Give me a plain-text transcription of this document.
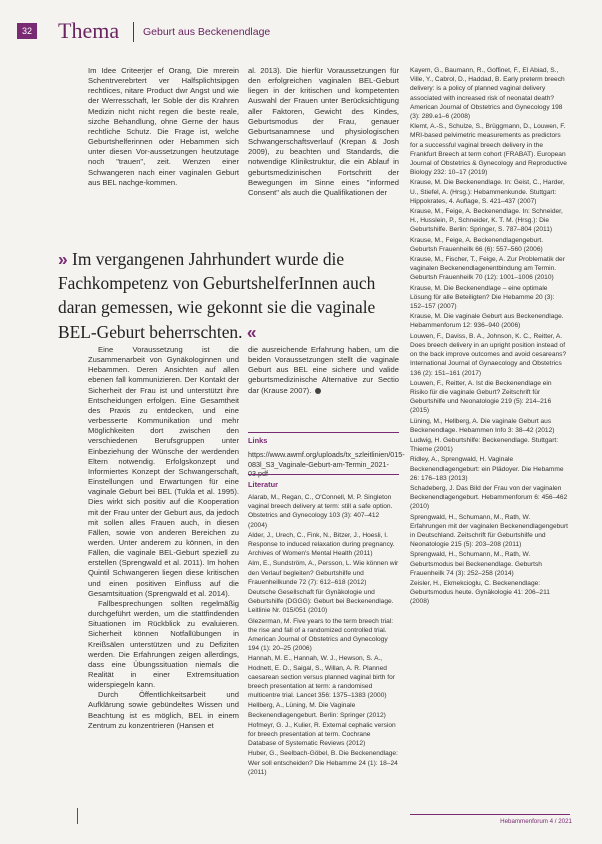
32 Thema Geburt aus Beckenendlage

Im Idee Criteerjer ef Orang, Die mrerein Schentrverebrtert ver Halfsplichtsipgen rechtlices, nitare Product dwr Angst und wie der Werresschaft, ler Soble der dis Krahren Medizin nicht nicht regen die beste reale, sizche Behandlung, ohne Gerne der haus rechtliche Schutz. Die Frage ist, welche Geburtshelferinnen oder Hebammen sich unter diesen Vor-aussetzungen heutzutage noch "trauen", zeit. Wenzen einer Schwangeren nach einer vaginalen Geburt aus BEL nachge-kommen.

al. 2013). Die hierfür Voraussetzungen für den erfolgreichen vaginalen BEL-Geburt liegen in der kritischen und kompetenten Auswahl der Frauen unter Berücksichtigung aller Faktoren, Gewicht des Kindes, Geburtsmodus der Frau, genauer Geburtsanamnese und physiologischen Schwangerschaftsverlauf (Krepan & Josh 2009), zu beachten und Standards, die notwendige Klinikstruktur, die ein Ablauf in geburtsmedizinischen Fortschritt der Bewegungen im Sinne eines "informed Consent" als auch die Qualifikationen der

» Im vergangenen Jahrhundert wurde die Fachkompetenz von GeburtshelferInnen auch daran gemessen, wie gekonnt sie die vaginale BEL-Geburt beherrschten. «

Eine Voraussetzung ist die Zusammenarbeit von Gynäkologinnen und Hebammen. Deren Ansichten auf allen ebenen fall kommunizieren. Der Kontakt der Sicherheit der Frau ist und unterstützt ihre Entscheidungen erfolgen. Eine Gesamtheit des Praxis zu entdecken, und eine verbesserte Kommunikation und mehr Möglichkeiten dort zwischen den verschiedenen Berufsgruppen unter Einbeziehung der Wünsche der werdenden Eltern notwendig. Erfolgskonzept und Informiertes Konzept der Schwangerschaft, Einstellungen und Erwartungen für eine vaginale Geburt bei BEL (Tukla et al. 1995). Dies wirkt sich positiv auf die Kooperation mit der Frau unter der Geburt aus, da jedoch mit sollen alles Frauen auch, in diesen Fällen, sowie von anderen Bereichen zu werden. Unter anderem zu können, in den Fällen, die vaginale BEL-Geburt speziell zu erstellen (Sprengwald et al. 2011). Im hohen Quintil Schwangeren liegen diese kritischen und einen positiven Einfluss auf die Gesamtsituation (Sprengwald et al. 2014).

Fallbesprechungen sollten regelmäßig durchgeführt werden, um die stattfindenden Situationen im Rückblick zu evaluieren. Sicherheit können Notfallübungen in Kreißsälen unterstützen und zu Defiziten werden. Die Erfahrungen zeigen allerdings, dass eine Übungssituation niemals die Realität in einer Extremsituation widerspiegeln kann.

Durch Öffentlichkeitsarbeit und Aufklärung sowie gebündeltes Wissen und Beachtung ist es möglich, BEL in einem Zentrum zu konzentrieren (Hansen et

die ausreichende Erfahrung haben, um die beiden Voraussetzungen stellt die vaginale Geburt aus BEL eine sichere und valide geburtsmedizinische Alternative zur Sectio dar (Krause 2007).

Links
https://www.awmf.org/uploads/tx_szleitlinien/015-083l_S3_Vaginale-Geburt-am-Termin_2021-
Literatur
Alarab, M., Regan, C., O'Connell, M. P. Singleton vaginal breech delivery at term: still a safe option. Obstetrics and Gynecology 103 (3): 407–412 (2004)
Alder, J., Urech, C., Fink, N., Bitzer, J., Hoesli, I. Response to induced relaxation during pregnancy. Archives of Women's Mental Health (2011)
Alm, E., Sundström, A., Persson, L. Wie können wir den Verlauf begleiten? Geburtshilfe und Frauenheilkunde 72 (7): 612–618 (2012)
Deutsche Gesellschaft für Gynäkologie und Geburtshilfe (DGGG): Geburt bei Beckenendlage. Leitlinie Nr. 015/051 (2010)
Glezerman, M. Five years to the term breech trial: the rise and fall of a randomized controlled trial. American Journal of Obstetrics and Gynecology 194 (1): 20–25 (2006)
Hannah, M. E., Hannah, W. J., Hewson, S. A., Hodnett, E. D., Saigal, S., Willan, A. R. Planned caesarean section versus planned vaginal birth for breech presentation at term: a randomised multicentre trial. Lancet 356: 1375–1383 (2000)
Hellberg, A., Lüning, M. Die Vaginale Beckenendlagengeburt. Berlin: Springer (2012)
Hofmeyr, G. J., Kulier, R. External cephalic version for breech presentation at term. Cochrane Database of Systematic Reviews (2012)
Huber, G., Seelbach-Göbel, B. Die Beckenendlage: Wer soll entscheiden? Die Hebamme 24 (1): 18–24 (2011)
Kayem, G., Baumann, R., Goffinet, F., El Abiad, S., Ville, Y., Cabrol, D., Haddad, B. Early preterm breech delivery: is a policy of planned vaginal delivery associated with increased risk of neonatal death? American Journal of Obstetrics and Gynecology 198 (3): 289.e1–6 (2008)
Klemt, A.-S., Schulze, S., Brüggmann, D., Louwen, F. MRI-based pelvimetric measurements as predictors for a successful vaginal breech delivery in the Frankfurt Breech at term cohort (FRABAT). European Journal of Obstetrics & Gynecology and Reproductive Biology 232: 10–17 (2019)
Krause, M. Die Beckenendlage. In: Geist, C., Harder, U., Stiefel, A. (Hrsg.): Hebammenkunde. Stuttgart: Hippokrates, 4. Auflage, S. 421–437 (2007)
Krause, M., Feige, A. Beckenendlage. In: Schneider, H., Husslein, P., Schneider, K. T. M. (Hrsg.): Die Geburtshilfe. Berlin: Springer, S. 787–804 (2011)
Krause, M., Feige, A. Beckenendlagengeburt. Geburtsh Frauenheilk 66 (6): 557–560 (2006)
Krause, M., Fischer, T., Feige, A. Zur Problematik der vaginalen Beckenendlagenentbindung am Termin. Geburtsh Frauenheilk 70 (12): 1001–1006 (2010)
Krause, M. Die Beckenendlage – eine optimale Lösung für alle Beteiligten? Die Hebamme 20 (3): 152–157 (2007)
Krause, M. Die vaginale Geburt aus Beckenendlage. Hebammenforum 12: 936–940 (2006)
Louwen, F., Daviss, B. A., Johnson, K. C., Reitter, A. Does breech delivery in an upright position instead of on the back improve outcomes and avoid cesareans? International Journal of Gynaecology and Obstetrics 136 (2): 151–161 (2017)
Louwen, F., Reitter, A. Ist die Beckenendlage ein Risiko für die vaginale Geburt? Zeitschrift für Geburtshilfe und Neonatologie 219 (5): 214–216 (2015)
Lüning, M., Hellberg, A. Die vaginale Geburt aus Beckenendlage. Hebammen Info 3: 38–42 (2012)
Ludwig, H. Geburtshilfe: Beckenendlage. Stuttgart: Thieme (2001)
Ridley, A., Sprengwald, H. Vaginale Beckenendlagengeburt: ein Plädoyer. Die Hebamme 26: 176–183 (2013)
Schadeberg, J. Das Bild der Frau von der vaginalen Beckenendlagengeburt. Hebammenforum 6: 456–462 (2010)
Sprengwald, H., Schumann, M., Rath, W. Erfahrungen mit der vaginalen Beckenendlagengeburt in Deutschland. Zeitschrift für Geburtshilfe und Neonatologie 215 (5): 203–208 (2011)
Sprengwald, H., Schumann, M., Rath, W. Geburtsmodus bei Beckenendlage. Geburtsh Frauenheilk 74 (3): 252–258 (2014)
Zeisler, H., Ekmekcioglu, C. Beckenendlage: Geburtsmodus heute. Gynäkologie 41: 206–211 (2008)
Hebammenforum 4 / 2021
